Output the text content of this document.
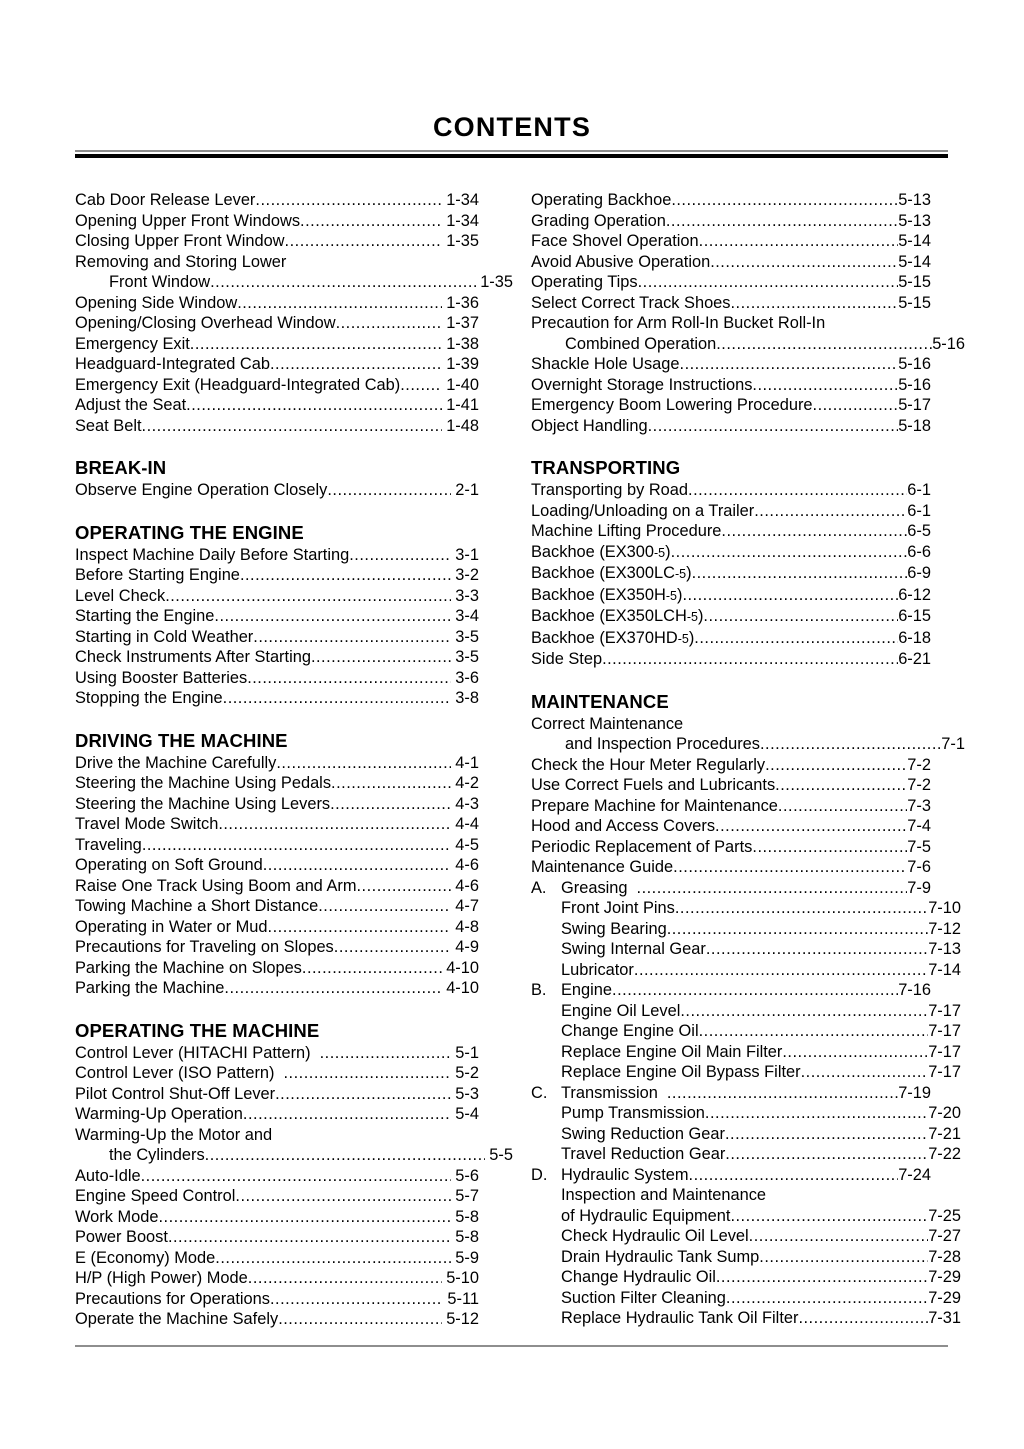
CONTENTS
Cab Door Release Lever .....	1-34
Opening Upper Front Windows .....	1-34
Closing Upper Front Window .....	1-35
Removing and Storing Lower
Front Window .....	1-35
Opening Side Window .....	1-36
Opening/Closing Overhead Window .....	1-37
Emergency Exit .....	1-38
Headguard-Integrated Cab .....	1-39
Emergency Exit (Headguard-Integrated Cab) .....	1-40
Adjust the Seat .....	1-41
Seat Belt .....	1-48
BREAK-IN
Observe Engine Operation Closely .....	2-1
OPERATING THE ENGINE
Inspect Machine Daily Before Starting .....	3-1
Before Starting Engine .....	3-2
Level Check .....	3-3
Starting the Engine .....	3-4
Starting in Cold Weather .....	3-5
Check Instruments After Starting .....	3-5
Using Booster Batteries .....	3-6
Stopping the Engine .....	3-8
DRIVING THE MACHINE
Drive the Machine Carefully .....	4-1
Steering the Machine Using Pedals .....	4-2
Steering the Machine Using Levers .....	4-3
Travel Mode Switch .....	4-4
Traveling .....	4-5
Operating on Soft Ground .....	4-6
Raise One Track Using Boom and Arm .....	4-6
Towing Machine a Short Distance .....	4-7
Operating in Water or Mud .....	4-8
Precautions for Traveling on Slopes .....	4-9
Parking the Machine on Slopes .....	4-10
Parking the Machine .....	4-10
OPERATING THE MACHINE
Control Lever (HITACHI Pattern) .....	5-1
Control Lever (ISO Pattern) .....	5-2
Pilot Control Shut-Off Lever .....	5-3
Warming-Up Operation .....	5-4
Warming-Up the Motor and
the Cylinders .....	5-5
Auto-Idle .....	5-6
Engine Speed Control .....	5-7
Work Mode .....	5-8
Power Boost .....	5-8
E (Economy) Mode .....	5-9
H/P (High Power) Mode .....	5-10
Precautions for Operations .....	5-11
Operate the Machine Safely .....	5-12
Operating Backhoe .....	5-13
Grading Operation .....	5-13
Face Shovel Operation .....	5-14
Avoid Abusive Operation .....	5-14
Operating Tips .....	5-15
Select Correct Track Shoes .....	5-15
Precaution for Arm Roll-In Bucket Roll-In
Combined Operation .....	5-16
Shackle Hole Usage .....	5-16
Overnight Storage Instructions .....	5-16
Emergency Boom Lowering Procedure .....	5-17
Object Handling .....	5-18
TRANSPORTING
Transporting by Road .....	6-1
Loading/Unloading on a Trailer .....	6-1
Machine Lifting Procedure .....	6-5
Backhoe (EX300 -5 ) .....	6-6
Backhoe (EX300LC -5 ) .....	6-9
Backhoe (EX350H -5 ) .....	6-12
Backhoe (EX350LCH -5 ) .....	6-15
Backhoe (EX370HD -5 ) .....	6-18
Side Step .....	6-21
MAINTENANCE
Correct Maintenance
and Inspection Procedures .....	7-1
Check the Hour Meter Regularly .....	7-2
Use Correct Fuels and Lubricants .....	7-2
Prepare Machine for Maintenance .....	7-3
Hood and Access Covers .....	7-4
Periodic Replacement of Parts .....	7-5
Maintenance Guide .....	7-6
A. Greasing .....	7-9
Front Joint Pins .....	7-10
Swing Bearing .....	7-12
Swing Internal Gear .....	7-13
Lubricator .....	7-14
B. Engine .....	7-16
Engine Oil Level .....	7-17
Change Engine Oil .....	7-17
Replace Engine Oil Main Filter .....	7-17
Replace Engine Oil Bypass Filter .....	7-17
C. Transmission .....	7-19
Pump Transmission .....	7-20
Swing Reduction Gear .....	7-21
Travel Reduction Gear .....	7-22
D. Hydraulic System .....	7-24
Inspection and Maintenance
of Hydraulic Equipment .....	7-25
Check Hydraulic Oil Level .....	7-27
Drain Hydraulic Tank Sump .....	7-28
Change Hydraulic Oil .....	7-29
Suction Filter Cleaning .....	7-29
Replace Hydraulic Tank Oil Filter .....	7-31
